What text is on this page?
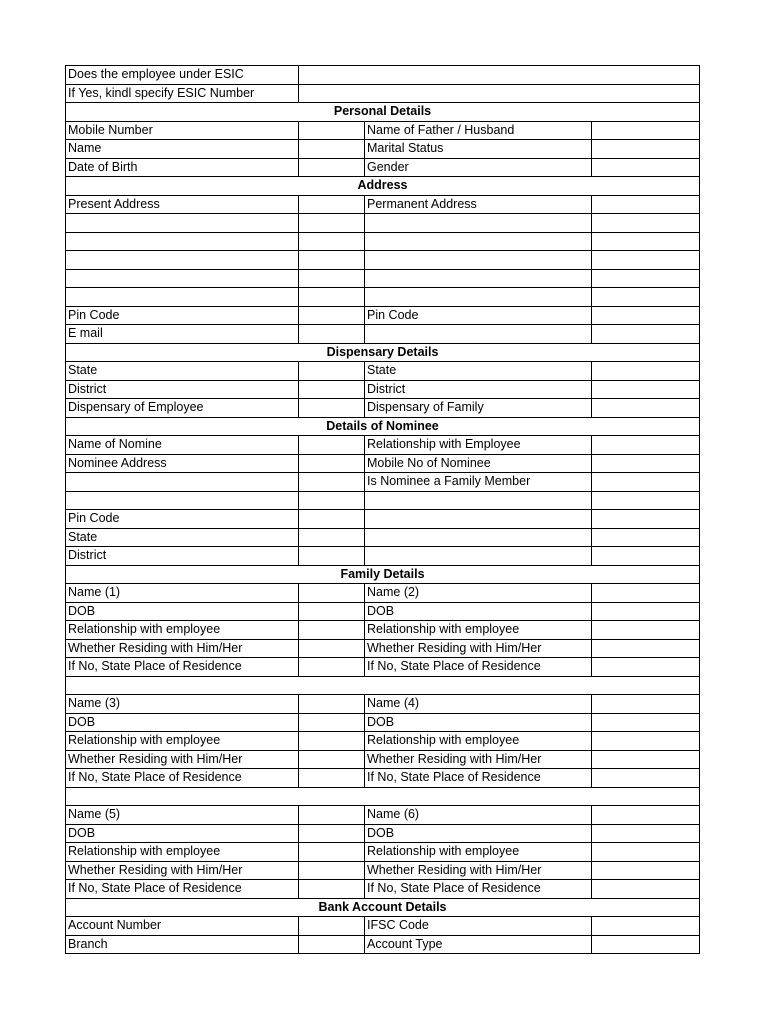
Does the employee under ESIC			
If Yes, kindl specify ESIC Number			
Personal Details			
Mobile Number		Name of Father / Husband	
Name		Marital Status	
Date of Birth		Gender	
Address			
Present Address		Permanent Address	

Pin Code		Pin Code	
E mail			
Dispensary Details			
State		State	
District		District	
Dispensary of Employee		Dispensary of Family	
Details of Nominee			
Name of Nomine		Relationship with Employee	
Nominee Address		Mobile No of Nominee	
		Is Nominee a Family Member	

Pin Code			
State			
District			
Family Details			
Name (1)		Name (2)	
DOB		DOB	
Relationship with employee		Relationship with employee	
Whether Residing with Him/Her		Whether Residing with Him/Her	
If No, State Place of Residence		If No, State Place of Residence	

Name (3)		Name (4)	
DOB		DOB	
Relationship with employee		Relationship with employee	
Whether Residing with Him/Her		Whether Residing with Him/Her	
If No, State Place of Residence		If No, State Place of Residence	

Name (5)		Name (6)	
DOB		DOB	
Relationship with employee		Relationship with employee	
Whether Residing with Him/Her		Whether Residing with Him/Her	
If No, State Place of Residence		If No, State Place of Residence	
Bank Account Details			
Account Number		IFSC Code	
Branch		Account Type	
